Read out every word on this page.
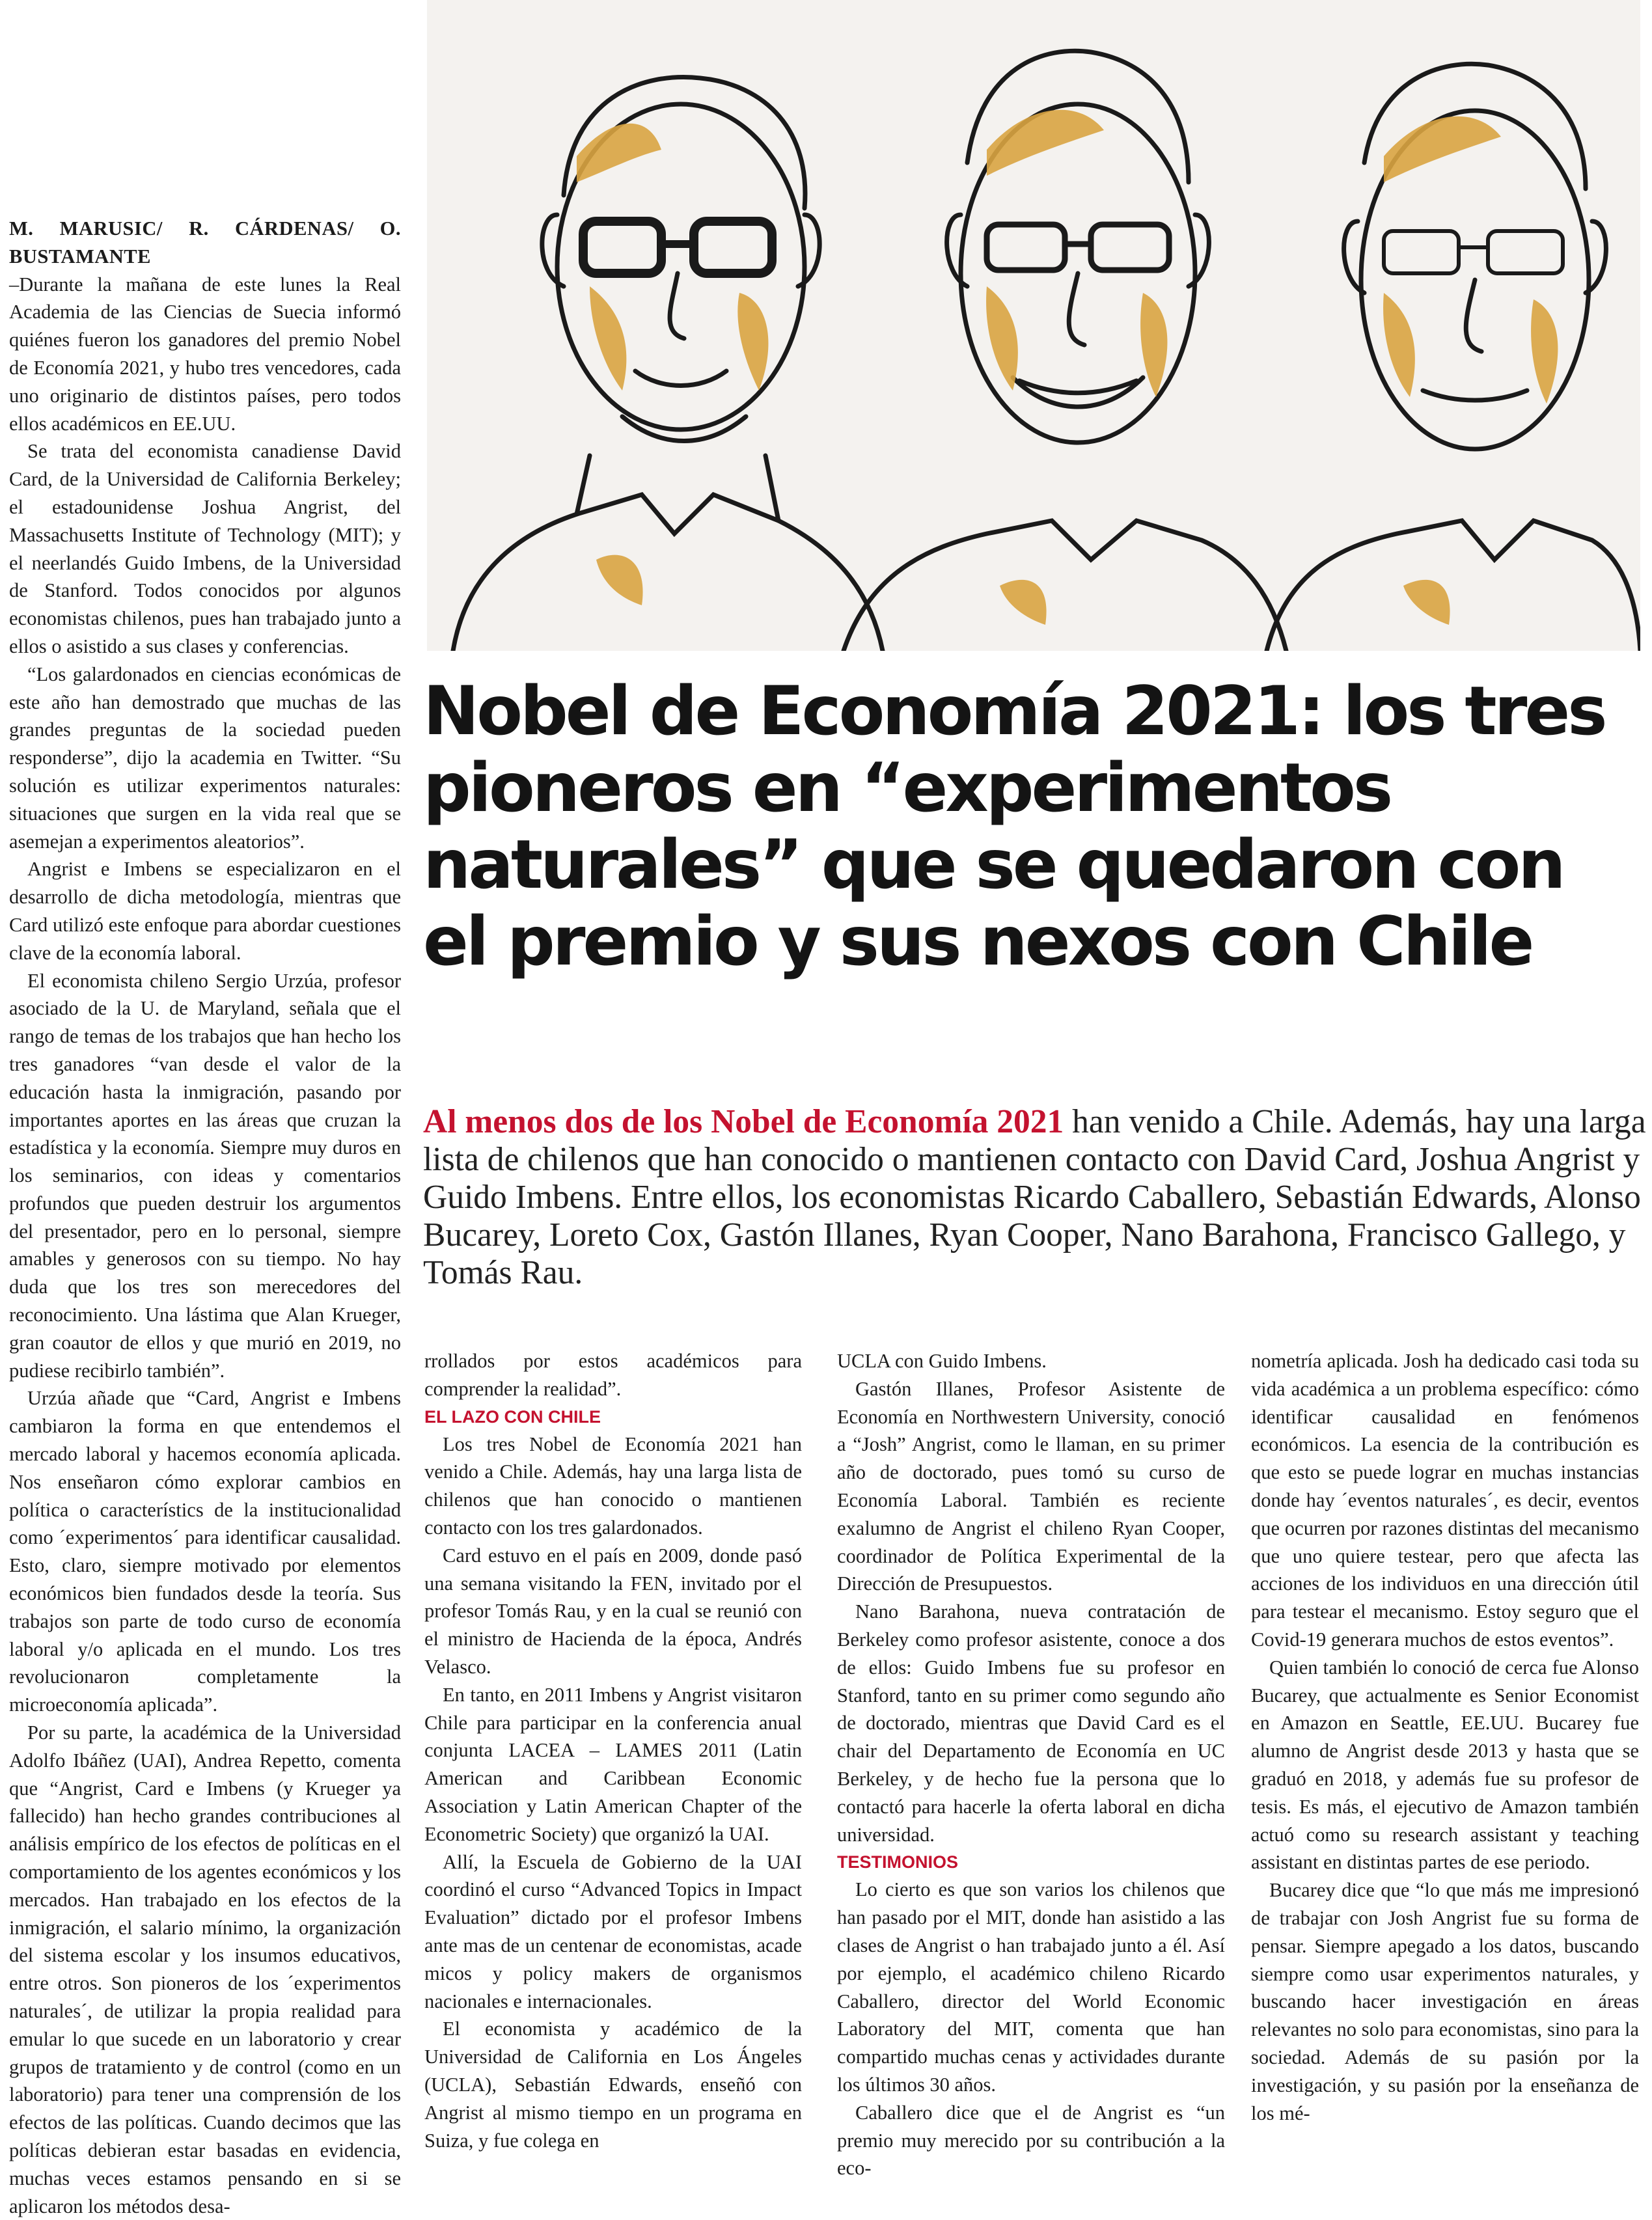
M. MARUSIC/ R. CÁRDENAS/ O. BUSTAMANTE

–Durante la mañana de este lunes la Real Academia de las Ciencias de Suecia informó quiénes fueron los ganadores del premio Nobel de Economía 2021, y hubo tres vencedores, cada uno originario de distintos países, pero todos ellos académicos en EE.UU.

Se trata del economista canadiense David Card, de la Universidad de California Berkeley; el estadounidense Joshua Angrist, del Massachusetts Institute of Technology (MIT); y el neerlandés Guido Imbens, de la Universidad de Stanford. Todos conocidos por algunos economistas chilenos, pues han trabajado junto a ellos o asistido a sus clases y conferencias.

“Los galardonados en ciencias económicas de este año han demostrado que muchas de las grandes preguntas de la sociedad pueden responderse”, dijo la academia en Twitter. “Su solución es utilizar experimentos naturales: situaciones que surgen en la vida real que se asemejan a experimentos aleatorios”.

Angrist e Imbens se especializaron en el desarrollo de dicha metodología, mientras que Card utilizó este enfoque para abordar cuestiones clave de la economía laboral.

El economista chileno Sergio Urzúa, profesor asociado de la U. de Maryland, señala que el rango de temas de los trabajos que han hecho los tres ganadores “van desde el valor de la educación hasta la inmigración, pasando por importantes aportes en las áreas que cruzan la estadística y la economía. Siempre muy duros en los seminarios, con ideas y comentarios profundos que pueden destruir los argumentos del presentador, pero en lo personal, siempre amables y generosos con su tiempo. No hay duda que los tres son merecedores del reconocimiento. Una lástima que Alan Krueger, gran coautor de ellos y que murió en 2019, no pudiese recibirlo también”.

Urzúa añade que “Card, Angrist e Imbens cambiaron la forma en que entendemos el mercado laboral y hacemos economía aplicada. Nos enseñaron cómo explorar cambios en política o característics de la institucionalidad como ´experimentos´ para identificar causalidad. Esto, claro, siempre motivado por elementos económicos bien fundados desde la teoría. Sus trabajos son parte de todo curso de economía laboral y/o aplicada en el mundo. Los tres revolucionaron completamente la microeconomía aplicada”.

Por su parte, la académica de la Universidad Adolfo Ibáñez (UAI), Andrea Repetto, comenta que “Angrist, Card e Imbens (y Krueger ya fallecido) han hecho grandes contribuciones al análisis empírico de los efectos de políticas en el comportamiento de los agentes económicos y los mercados. Han trabajado en los efectos de la inmigración, el salario mínimo, la organización del sistema escolar y los insumos educativos, entre otros. Son pioneros de los ´experimentos naturales´, de utilizar la propia realidad para emular lo que sucede en un laboratorio y crear grupos de tratamiento y de control (como en un laboratorio) para tener una comprensión de los efectos de las políticas. Cuando decimos que las políticas debieran estar basadas en evidencia, muchas veces estamos pensando en si se aplicaron los métodos desa-

Nobel de Economía 2021: los tres pioneros en “experimentos naturales” que se quedaron con el premio y sus nexos con Chile
Al menos dos de los Nobel de Economía 2021 han venido a Chile. Además, hay una larga lista de chilenos que han conocido o mantienen contacto con David Card, Joshua Angrist y Guido Imbens. Entre ellos, los economistas Ricardo Caballero, Sebastián Edwards, Alonso Bucarey, Loreto Cox, Gastón Illanes, Ryan Cooper, Nano Barahona, Francisco Gallego, y Tomás Rau.

rrollados por estos académicos para comprender la realidad”.

EL LAZO CON CHILE

Los tres Nobel de Economía 2021 han venido a Chile. Además, hay una larga lista de chilenos que han conocido o mantienen contacto con los tres galardonados.

Card estuvo en el país en 2009, donde pasó una semana visitando la FEN, invitado por el profesor Tomás Rau, y en la cual se reunió con el ministro de Hacienda de la época, Andrés Velasco.

En tanto, en 2011 Imbens y Angrist visitaron Chile para participar en la conferencia anual conjunta LACEA – LAMES 2011 (Latin American and Caribbean Economic Association y Latin American Chapter of the Econometric Society) que organizó la UAI.

Allí, la Escuela de Gobierno de la UAI coordinó el curso “Advanced Topics in Impact Evaluation” dictado por el profesor Imbens ante mas de un centenar de economistas, acade micos y policy makers de organismos nacionales e internacionales.

El economista y académico de la Universidad de California en Los Ángeles (UCLA), Sebastián Edwards, enseñó con Angrist al mismo tiempo en un programa en Suiza, y fue colega en

UCLA con Guido Imbens.

Gastón Illanes, Profesor Asistente de Economía en Northwestern University, conoció a “Josh” Angrist, como le llaman, en su primer año de doctorado, pues tomó su curso de Economía Laboral. También es reciente exalumno de Angrist el chileno Ryan Cooper, coordinador de Política Experimental de la Dirección de Presupuestos.

Nano Barahona, nueva contratación de Berkeley como profesor asistente, conoce a dos de ellos: Guido Imbens fue su profesor en Stanford, tanto en su primer como segundo año de doctorado, mientras que David Card es el chair del Departamento de Economía en UC Berkeley, y de hecho fue la persona que lo contactó para hacerle la oferta laboral en dicha universidad.

TESTIMONIOS

Lo cierto es que son varios los chilenos que han pasado por el MIT, donde han asistido a las clases de Angrist o han trabajado junto a él. Así por ejemplo, el académico chileno Ricardo Caballero, director del World Economic Laboratory del MIT, comenta que han compartido muchas cenas y actividades durante los últimos 30 años.

Caballero dice que el de Angrist es “un premio muy merecido por su contribución a la eco-

nometría aplicada. Josh ha dedicado casi toda su vida académica a un problema específico: cómo identificar causalidad en fenómenos económicos. La esencia de la contribución es que esto se puede lograr en muchas instancias donde hay ´eventos naturales´, es decir, eventos que ocurren por razones distintas del mecanismo que uno quiere testear, pero que afecta las acciones de los individuos en una dirección útil para testear el mecanismo. Estoy seguro que el Covid-19 generara muchos de estos eventos”.

Quien también lo conoció de cerca fue Alonso Bucarey, que actualmente es Senior Economist en Amazon en Seattle, EE.UU. Bucarey fue alumno de Angrist desde 2013 y hasta que se graduó en 2018, y además fue su profesor de tesis. Es más, el ejecutivo de Amazon también actuó como su research assistant y teaching assistant en distintas partes de ese periodo.

Bucarey dice que “lo que más me impresionó de trabajar con Josh Angrist fue su forma de pensar. Siempre apegado a los datos, buscando siempre como usar experimentos naturales, y buscando hacer investigación en áreas relevantes no solo para economistas, sino para la sociedad. Además de su pasión por la investigación, y su pasión por la enseñanza de los mé-
